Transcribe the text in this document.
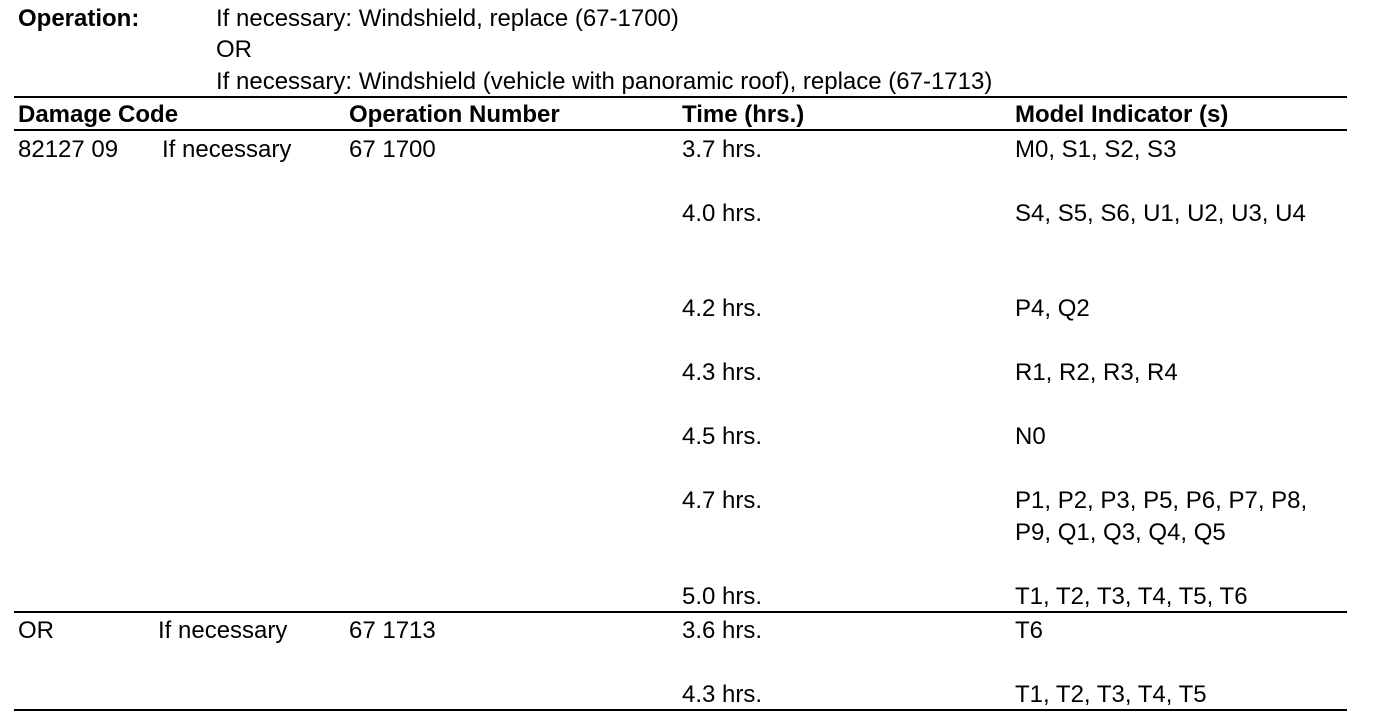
Operation:	If necessary: Windshield, replace (67-1700)
OR
If necessary: Windshield (vehicle with panoramic roof), replace (67-1713)
Damage Code	Operation Number	Time (hrs.)	Model Indicator (s)
82127 09 If necessary 67 1700	3.7 hrs.	M0, S1, S2, S3
4.0 hrs.	S4, S5, S6, U1, U2, U3, U4
4.2 hrs.	P4, Q2
4.3 hrs.	R1, R2, R3, R4
4.5 hrs.	N0
4.7 hrs.	P1, P2, P3, P5, P6, P7, P8, P9, Q1, Q3, Q4, Q5
5.0 hrs.	T1, T2, T3, T4, T5, T6
OR	If necessary	67 1713	3.6 hrs.	T6
4.3 hrs.	T1, T2, T3, T4, T5
